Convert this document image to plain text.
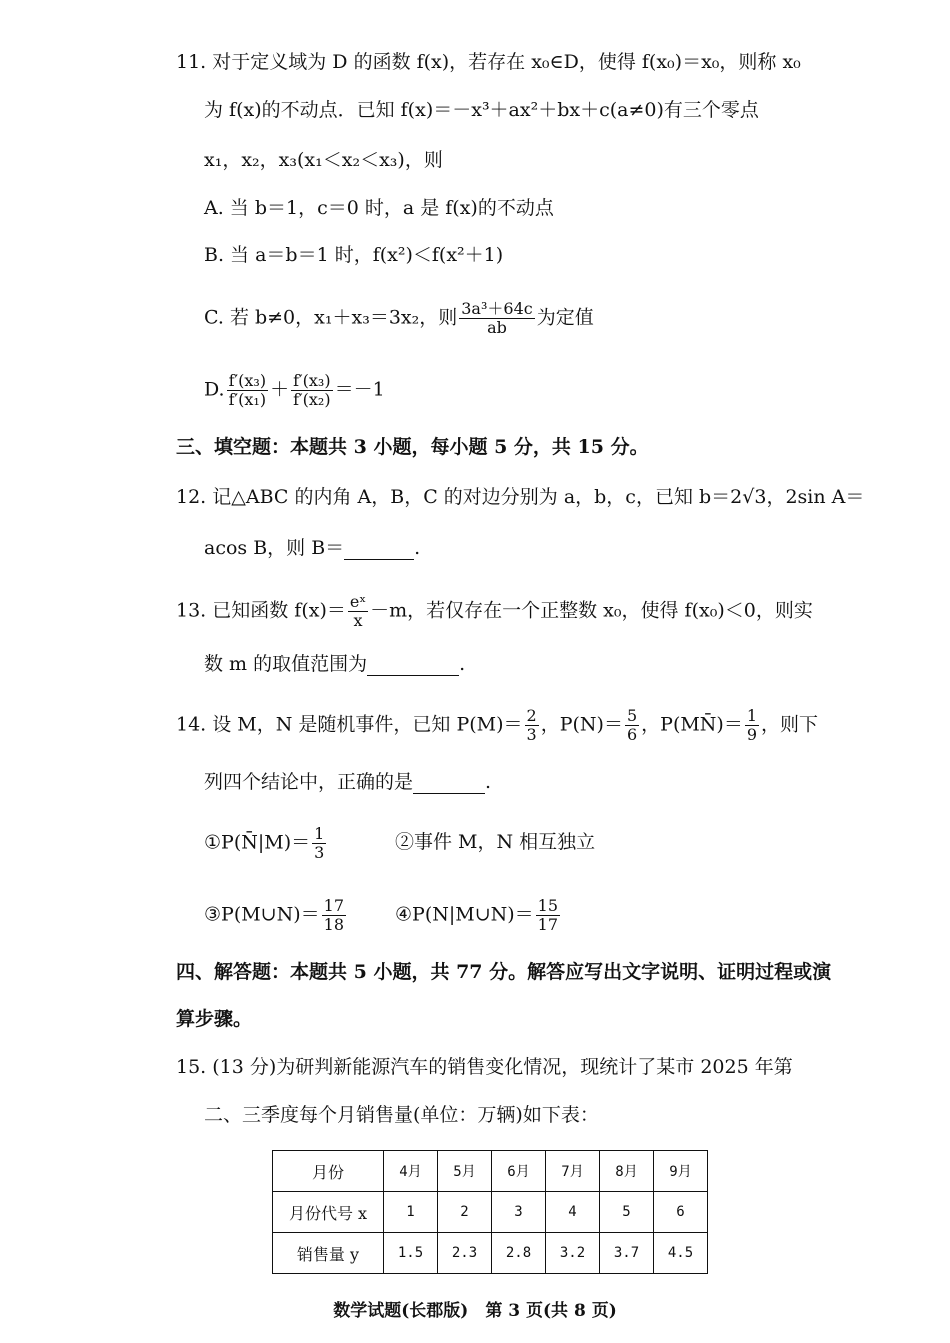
11. 对于定义域为 D 的函数 f(x)，若存在 x₀∈D，使得 f(x₀)＝x₀，则称 x₀
为 f(x)的不动点．已知 f(x)＝－x³＋ax²＋bx＋c(a≠0)有三个零点
x₁，x₂，x₃(x₁＜x₂＜x₃)，则
A. 当 b＝1，c＝0 时，a 是 f(x)的不动点
B. 当 a＝b＝1 时，f(x²)＜f(x²＋1)
C. 若 b≠0，x₁＋x₃＝3x₂，则 $\frac{\text{3a³＋64c}}{ab}$ 为定值
D. $\frac{\text{f′(x₃)}}{\text{f′(x₁)}} + \frac{\text{f′(x₃)}}{\text{f′(x₂)}} =-1$
三、填空题：本题共 3 小题，每小题 5 分，共 15 分。
12. 记△ABC 的内角 A，B，C 的对边分别为 a，b，c，已知 b＝2√3，2sin A＝
acos B，则 B＝	.
13. 已知函数 $f(x)= \frac{\text{eˣ}}{x} -m$，若仅存在一个正整数 x₀，使得 f(x₀)＜0，则实
数 m 的取值范围为	.
14. 设 M，N 是随机事件，已知 $P(M)= \frac{2}{3}$ ，$P(N)= \frac{5}{6}$ ，P(MN̄)＝ $\frac{1}{9}$ ，则下
列四个结论中，正确的是	.
①P(N̄|M)＝ $\frac{1}{3}$	②事件 M，N 相互独立
③P(M∪N)＝ $\frac{17}{18}$	④P(N|M∪N)＝ $\frac{15}{17}$
四、解答题：本题共 5 小题，共 77 分。解答应写出文字说明、证明过程或演
算步骤。
15. (13 分)为研判新能源汽车的销售变化情况，现统计了某市 2025 年第
二、三季度每个月销售量(单位：万辆)如下表：
月份	4月	5月	6月	7月	8月	9月
月份代号 x	1	2	3	4	5	6
销售量 y	1.5	2.3	2.8	3.2	3.7	4.5
数学试题(长郡版)　第 3 页(共 8 页)
